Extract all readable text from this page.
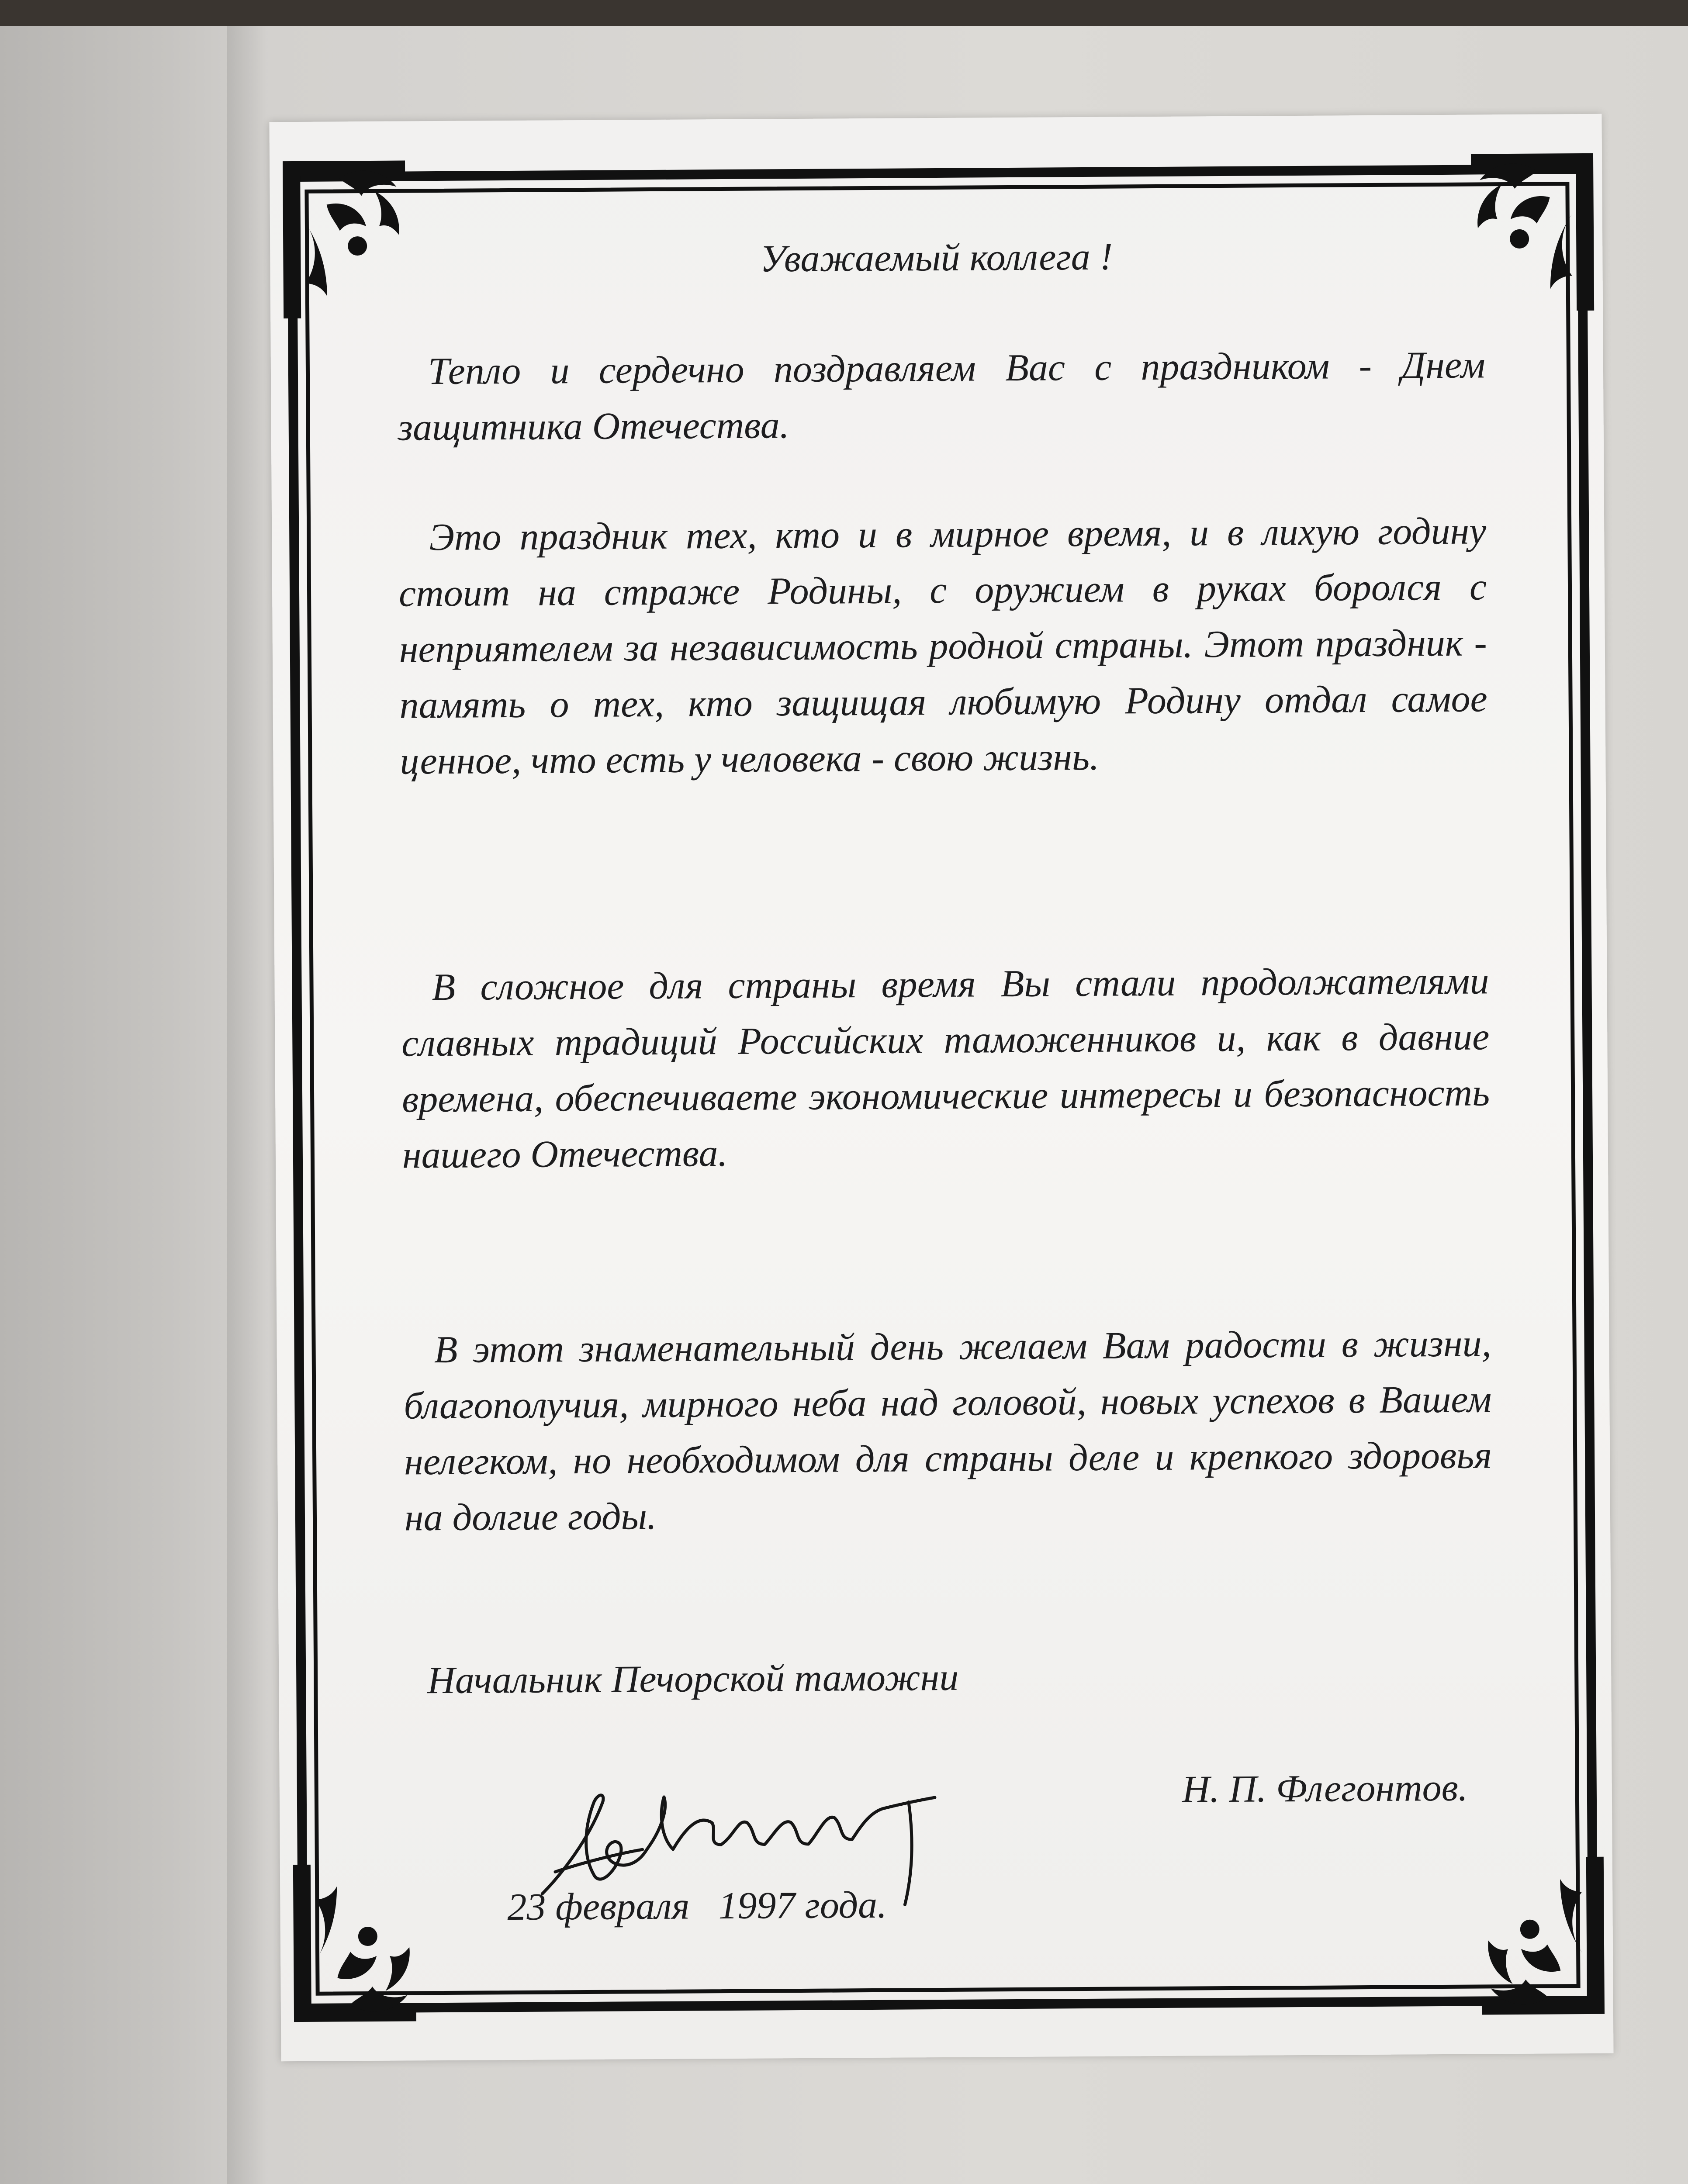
Уважаемый коллега !

Тепло и сердечно поздравляем Вас с праздником - Днем защитника Отечества.

Это праздник тех, кто и в мирное время, и в лихую годину стоит на страже Родины, с оружием в руках боролся с неприятелем за независимость родной страны. Этот праздник - память о тех, кто защищая любимую Родину отдал самое ценное, что есть у человека - свою жизнь.

В сложное для страны время Вы стали продолжателями славных традиций Российских таможенников и, как в давние времена, обеспечиваете экономические интересы и безопасность нашего Отечества.

В этот знаменательный день желаем Вам радости в жизни, благополучия, мирного неба над головой, новых успехов в Вашем нелегком, но необходимом для страны деле и крепкого здоровья на долгие годы.

Начальник Печорской таможни
Н. П. Флегонтов.
23 февраля   1997 года.
